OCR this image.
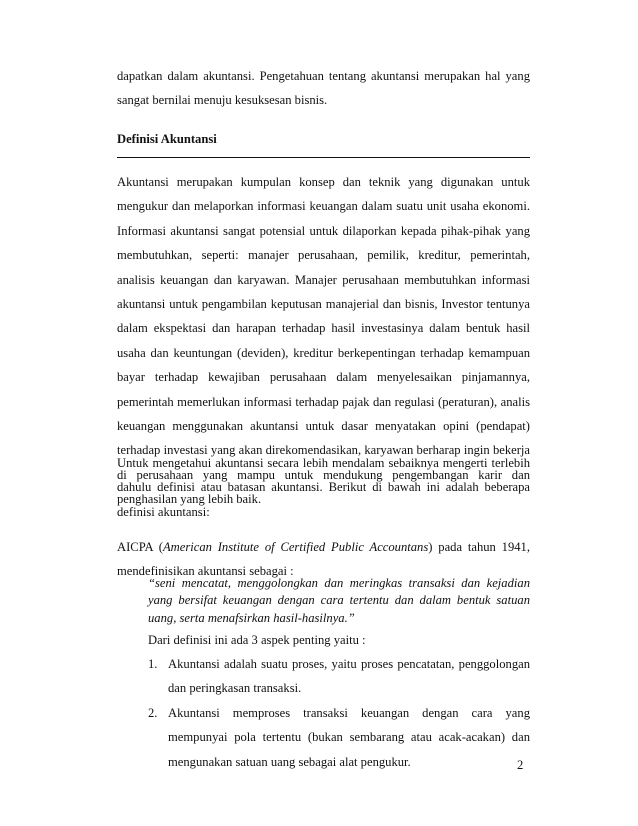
dapatkan dalam akuntansi. Pengetahuan tentang akuntansi merupakan hal yang sangat bernilai menuju kesuksesan bisnis.

Definisi Akuntansi

Akuntansi merupakan kumpulan konsep dan teknik yang digunakan untuk mengukur dan melaporkan informasi keuangan dalam suatu unit usaha ekonomi. Informasi akuntansi sangat potensial untuk dilaporkan kepada pihak-pihak yang membutuhkan, seperti: manajer perusahaan, pemilik, kreditur, pemerintah, analisis keuangan dan karyawan. Manajer perusahaan membutuhkan informasi akuntansi untuk pengambilan keputusan manajerial dan bisnis, Investor tentunya dalam ekspektasi dan harapan terhadap hasil investasinya dalam bentuk hasil usaha dan keuntungan (deviden), kreditur berkepentingan terhadap kemampuan bayar terhadap kewajiban perusahaan dalam menyelesaikan pinjamannya, pemerintah memerlukan informasi terhadap pajak dan regulasi (peraturan), analis keuangan menggunakan akuntansi untuk dasar menyatakan opini (pendapat) terhadap investasi yang akan direkomendasikan, karyawan berharap ingin bekerja di perusahaan yang mampu untuk mendukung pengembangan karir dan penghasilan yang lebih baik.

Untuk mengetahui akuntansi secara lebih mendalam sebaiknya mengerti terlebih dahulu definisi atau batasan akuntansi. Berikut di bawah ini adalah beberapa definisi akuntansi:

AICPA (American Institute of Certified Public Accountans) pada tahun 1941, mendefinisikan akuntansi sebagai :

“seni mencatat, menggolongkan dan meringkas transaksi dan kejadian yang bersifat keuangan dengan cara tertentu dan dalam bentuk satuan uang, serta menafsirkan hasil-hasilnya.”

Dari definisi ini ada 3 aspek penting yaitu :

1. Akuntansi adalah suatu proses, yaitu proses pencatatan, penggolongan dan peringkasan transaksi.
2. Akuntansi memproses transaksi keuangan dengan cara yang mempunyai pola tertentu (bukan sembarang atau acak-acakan) dan mengunakan satuan uang sebagai alat pengukur.	2
